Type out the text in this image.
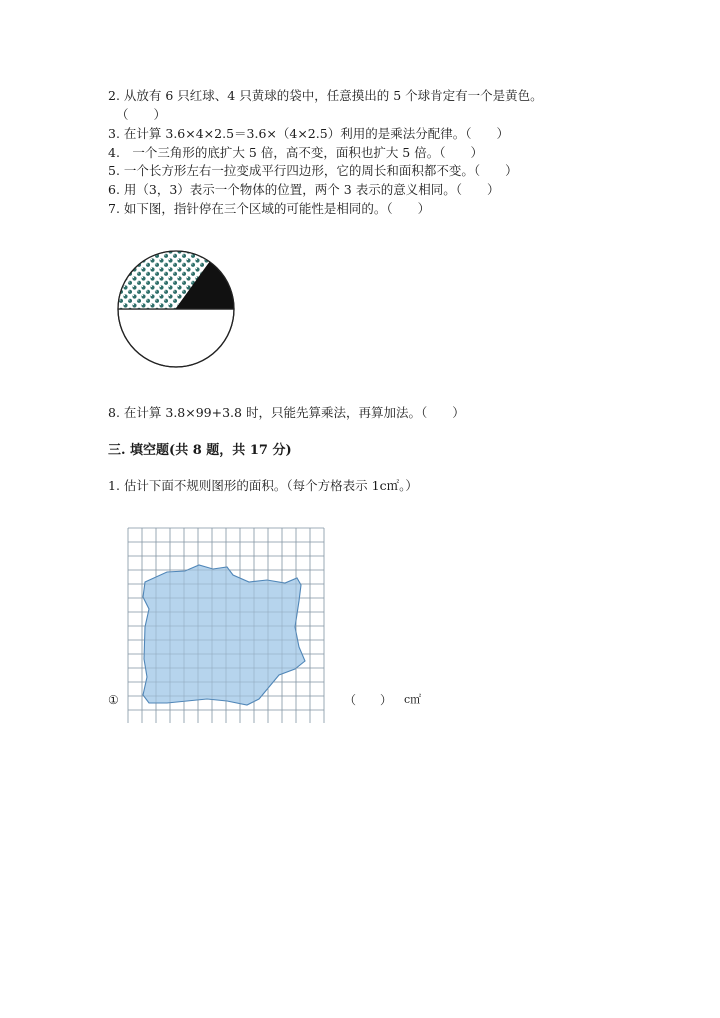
2. 从放有 6 只红球、4 只黄球的袋中，任意摸出的 5 个球肯定有一个是黄色。
（　　）
3. 在计算 3.6×4×2.5＝3.6×（4×2.5）利用的是乘法分配律。（　　）
4.　一个三角形的底扩大 5 倍，高不变，面积也扩大 5 倍。（　　）
5. 一个长方形左右一拉变成平行四边形，它的周长和面积都不变。（　　）
6. 用（3，3）表示一个物体的位置，两个 3 表示的意义相同。（　　）
7. 如下图，指针停在三个区域的可能性是相同的。（　　）
8. 在计算 3.8×99+3.8 时，只能先算乘法，再算加法。（　　）
三. 填空题(共 8 题，共 17 分)
1. 估计下面不规则图形的面积。（每个方格表示 1c㎡。）
①	（　　） c㎡
